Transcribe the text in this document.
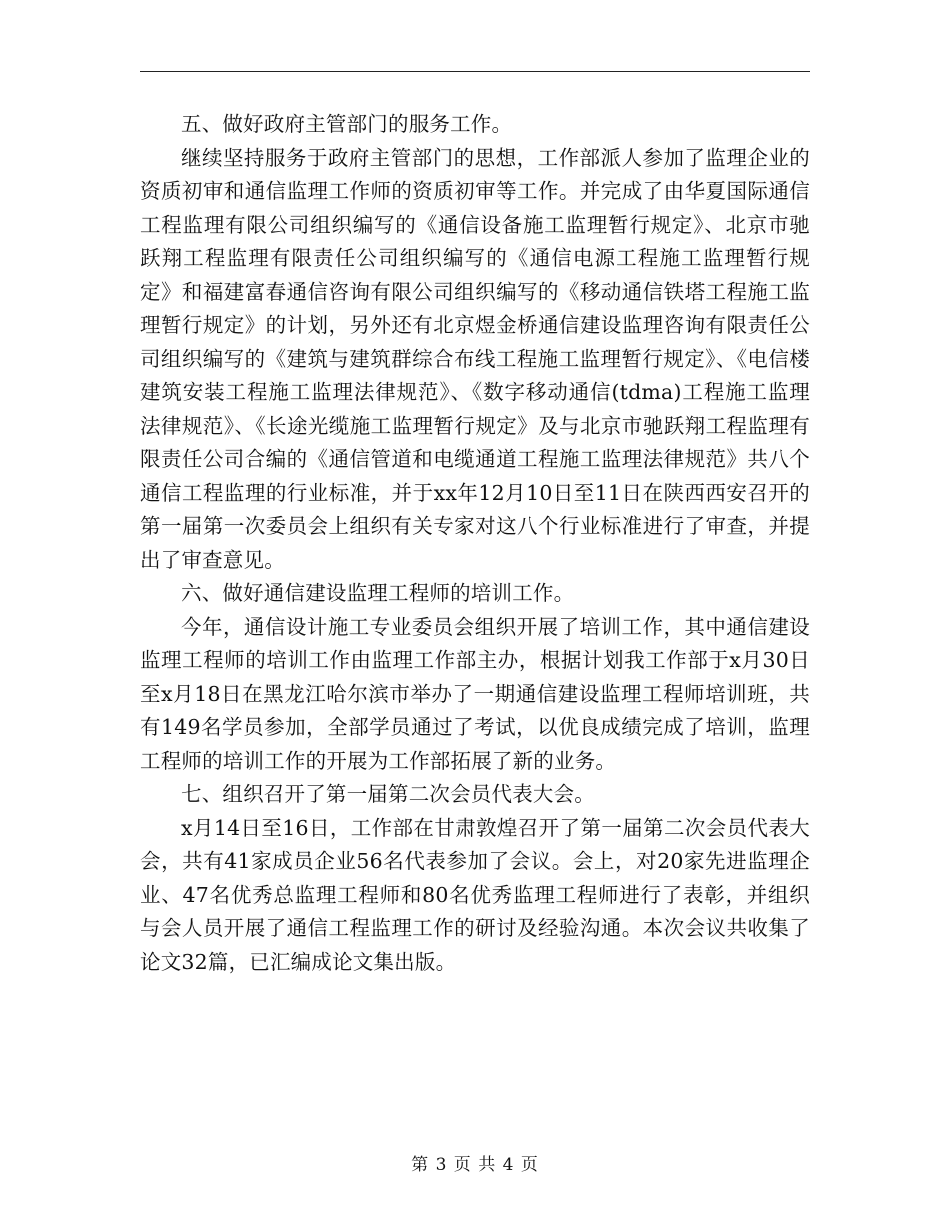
五、做好政府主管部门的服务工作。

继续坚持服务于政府主管部门的思想，工作部派人参加了监理企业的资质初审和通信监理工作师的资质初审等工作。并完成了由华夏国际通信工程监理有限公司组织编写的《通信设备施工监理暂行规定》、北京市驰跃翔工程监理有限责任公司组织编写的《通信电源工程施工监理暂行规定》和福建富春通信咨询有限公司组织编写的《移动通信铁塔工程施工监理暂行规定》的计划，另外还有北京煜金桥通信建设监理咨询有限责任公司组织编写的《建筑与建筑群综合布线工程施工监理暂行规定》、《电信楼建筑安装工程施工监理法律规范》、《数字移动通信(tdma)工程施工监理法律规范》、《长途光缆施工监理暂行规定》及与北京市驰跃翔工程监理有限责任公司合编的《通信管道和电缆通道工程施工监理法律规范》共八个通信工程监理的行业标准，并于xx年12月10日至11日在陕西西安召开的第一届第一次委员会上组织有关专家对这八个行业标准进行了审查，并提出了审查意见。

六、做好通信建设监理工程师的培训工作。

今年，通信设计施工专业委员会组织开展了培训工作，其中通信建设监理工程师的培训工作由监理工作部主办，根据计划我工作部于x月30日至x月18日在黑龙江哈尔滨市举办了一期通信建设监理工程师培训班，共有149名学员参加，全部学员通过了考试，以优良成绩完成了培训，监理工程师的培训工作的开展为工作部拓展了新的业务。

七、组织召开了第一届第二次会员代表大会。

x月14日至16日，工作部在甘肃敦煌召开了第一届第二次会员代表大会，共有41家成员企业56名代表参加了会议。会上，对20家先进监理企业、47名优秀总监理工程师和80名优秀监理工程师进行了表彰，并组织与会人员开展了通信工程监理工作的研讨及经验沟通。本次会议共收集了论文32篇，已汇编成论文集出版。

第 3 页 共 4 页
